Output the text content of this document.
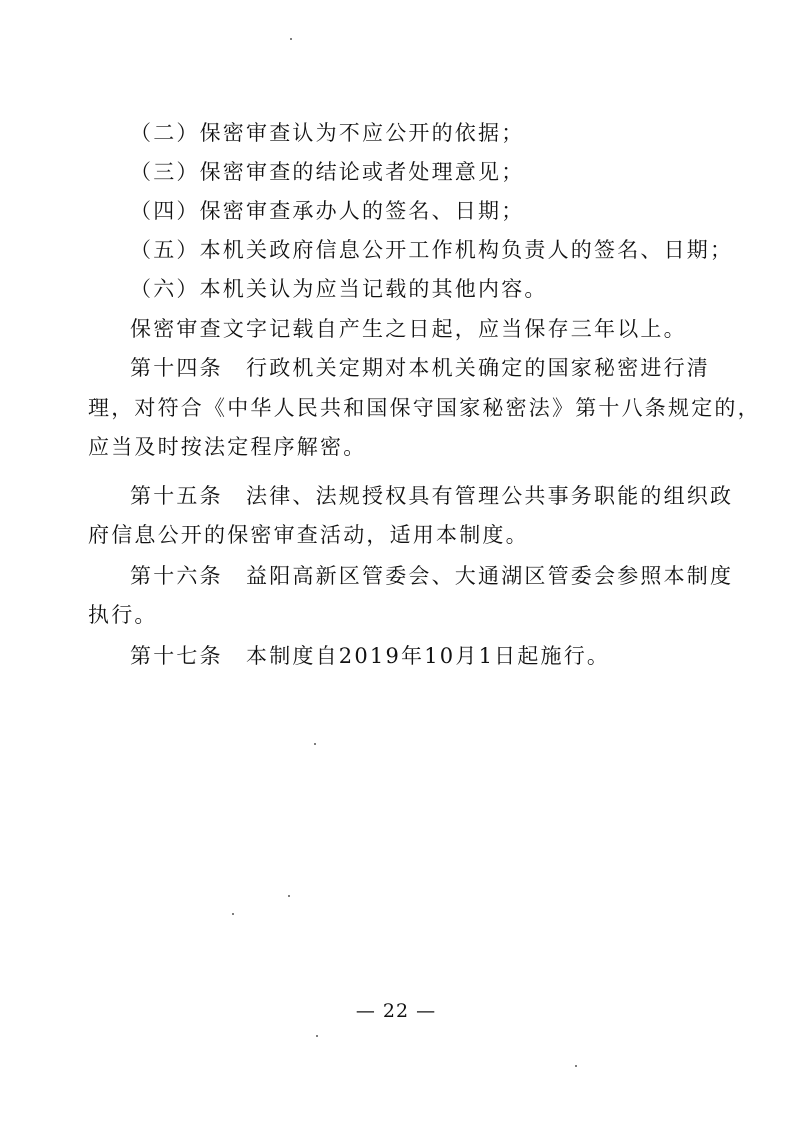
（二）保密审查认为不应公开的依据；
（三）保密审查的结论或者处理意见；
（四）保密审查承办人的签名、日期；
（五）本机关政府信息公开工作机构负责人的签名、日期；
（六）本机关认为应当记载的其他内容。
保密审查文字记载自产生之日起，应当保存三年以上。
第十四条　行政机关定期对本机关确定的国家秘密进行清
理，对符合《中华人民共和国保守国家秘密法》第十八条规定的，
应当及时按法定程序解密。
第十五条　法律、法规授权具有管理公共事务职能的组织政
府信息公开的保密审查活动，适用本制度。
第十六条　益阳高新区管委会、大通湖区管委会参照本制度
执行。
第十七条　本制度自2019年10月1日起施行。
— 22 —
